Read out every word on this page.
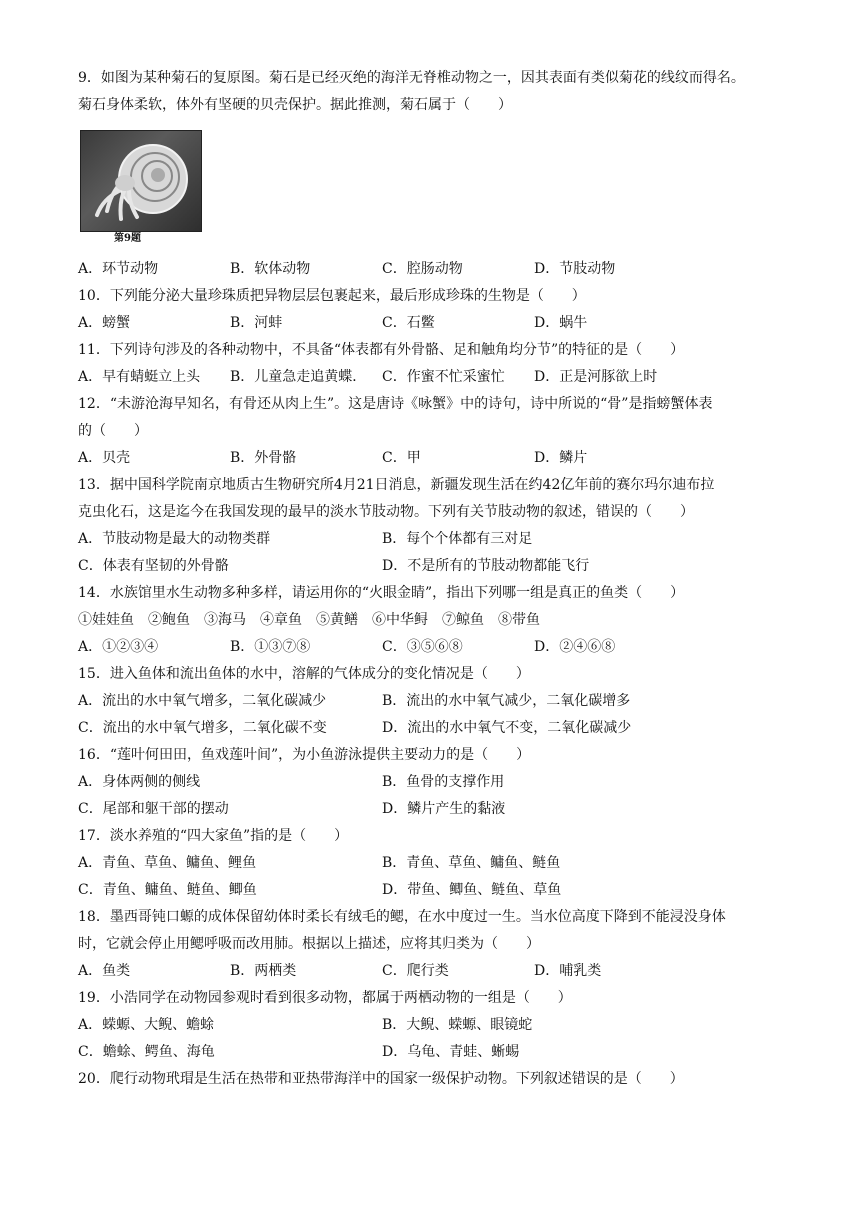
9．如图为某种菊石的复原图。菊石是已经灭绝的海洋无脊椎动物之一，因其表面有类似菊花的线纹而得名。
菊石身体柔软，体外有坚硬的贝壳保护。据此推测，菊石属于（　　）
第9题
A．环节动物	B．软体动物	C．腔肠动物	D．节肢动物
10．下列能分泌大量珍珠质把异物层层包裹起来，最后形成珍珠的生物是（　　）
A．螃蟹	B．河蚌	C．石鳖	D．蜗牛
11．下列诗句涉及的各种动物中，不具备“体表都有外骨骼、足和触角均分节”的特征的是（　　）
A．早有蜻蜓立上头 B．儿童急走追黄蝶． C．作蜜不忙采蜜忙 D．正是河豚欲上时
12．“未游沧海早知名，有骨还从肉上生”。这是唐诗《咏蟹》中的诗句，诗中所说的“骨”是指螃蟹体表
的（　　）
A．贝壳	B．外骨骼	C．甲	D．鳞片
13．据中国科学院南京地质古生物研究所4月21日消息，新疆发现生活在约42亿年前的赛尔玛尔迪布拉
克虫化石，这是迄今在我国发现的最早的淡水节肢动物。下列有关节肢动物的叙述，错误的（　　）
A．节肢动物是最大的动物类群	B．每个个体都有三对足
C．体表有坚韧的外骨骼	D．不是所有的节肢动物都能飞行
14．水族馆里水生动物多种多样，请运用你的“火眼金睛”，指出下列哪一组是真正的鱼类（　　）
①娃娃鱼　②鲍鱼　③海马　④章鱼　⑤黄鳝　⑥中华鲟　⑦鲸鱼　⑧带鱼
A．①②③④	B．①③⑦⑧	C．③⑤⑥⑧	D．②④⑥⑧
15．进入鱼体和流出鱼体的水中，溶解的气体成分的变化情况是（　　）
A．流出的水中氧气增多，二氧化碳减少	B．流出的水中氧气减少，二氧化碳增多
C．流出的水中氧气增多，二氧化碳不变	D．流出的水中氧气不变，二氧化碳减少
16．“莲叶何田田，鱼戏莲叶间”，为小鱼游泳提供主要动力的是（　　）
A．身体两侧的侧线	B．鱼骨的支撑作用
C．尾部和躯干部的摆动	D．鳞片产生的黏液
17．淡水养殖的“四大家鱼”指的是（　　）
A．青鱼、草鱼、鳙鱼、鲤鱼	B．青鱼、草鱼、鳙鱼、鲢鱼
C．青鱼、鳙鱼、鲢鱼、鲫鱼	D．带鱼、鲫鱼、鲢鱼、草鱼
18．墨西哥钝口螈的成体保留幼体时柔长有绒毛的鳃，在水中度过一生。当水位高度下降到不能浸没身体
时，它就会停止用鳃呼吸而改用肺。根据以上描述，应将其归类为（　　）
A．鱼类	B．两栖类	C．爬行类	D．哺乳类
19．小浩同学在动物园参观时看到很多动物，都属于两栖动物的一组是（　　）
A．蝾螈、大鲵、蟾蜍	B．大鲵、蝾螈、眼镜蛇
C．蟾蜍、鳄鱼、海龟	D．乌龟、青蛙、蜥蜴
20．爬行动物玳瑁是生活在热带和亚热带海洋中的国家一级保护动物。下列叙述错误的是（　　）
